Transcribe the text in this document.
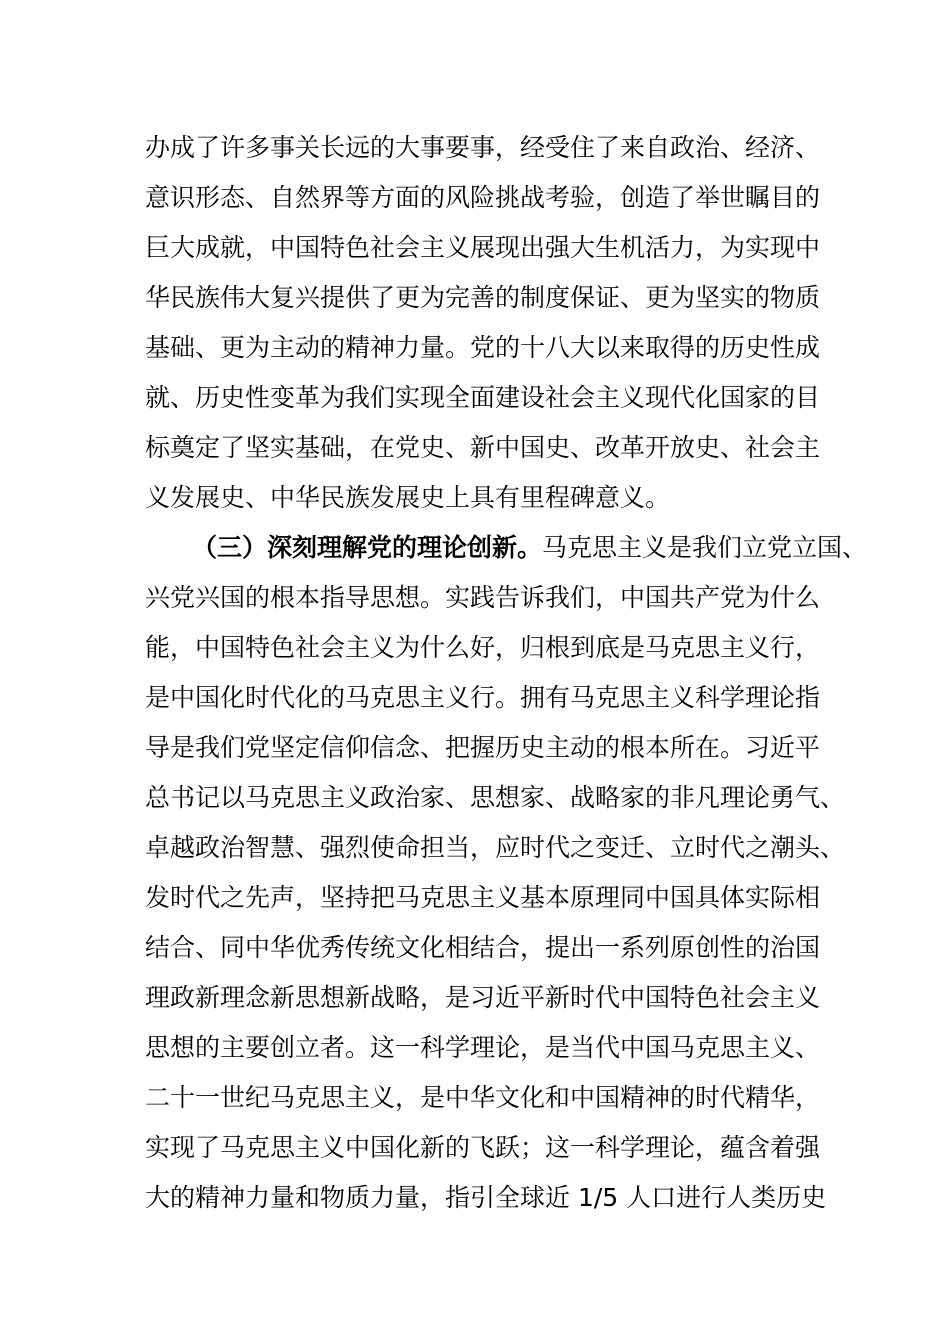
办成了许多事关长远的大事要事，经受住了来自政治、经济、
意识形态、自然界等方面的风险挑战考验，创造了举世瞩目的
巨大成就，中国特色社会主义展现出强大生机活力，为实现中
华民族伟大复兴提供了更为完善的制度保证、更为坚实的物质
基础、更为主动的精神力量。党的十八大以来取得的历史性成
就、历史性变革为我们实现全面建设社会主义现代化国家的目
标奠定了坚实基础，在党史、新中国史、改革开放史、社会主
义发展史、中华民族发展史上具有里程碑意义。
（三）深刻理解党的理论创新。马克思主义是我们立党立国、
兴党兴国的根本指导思想。实践告诉我们，中国共产党为什么
能，中国特色社会主义为什么好，归根到底是马克思主义行，
是中国化时代化的马克思主义行。拥有马克思主义科学理论指
导是我们党坚定信仰信念、把握历史主动的根本所在。习近平
总书记以马克思主义政治家、思想家、战略家的非凡理论勇气、
卓越政治智慧、强烈使命担当，应时代之变迁、立时代之潮头、
发时代之先声，坚持把马克思主义基本原理同中国具体实际相
结合、同中华优秀传统文化相结合，提出一系列原创性的治国
理政新理念新思想新战略，是习近平新时代中国特色社会主义
思想的主要创立者。这一科学理论，是当代中国马克思主义、
二十一世纪马克思主义，是中华文化和中国精神的时代精华，
实现了马克思主义中国化新的飞跃；这一科学理论，蕴含着强
大的精神力量和物质力量，指引全球近 1/5 人口进行人类历史
